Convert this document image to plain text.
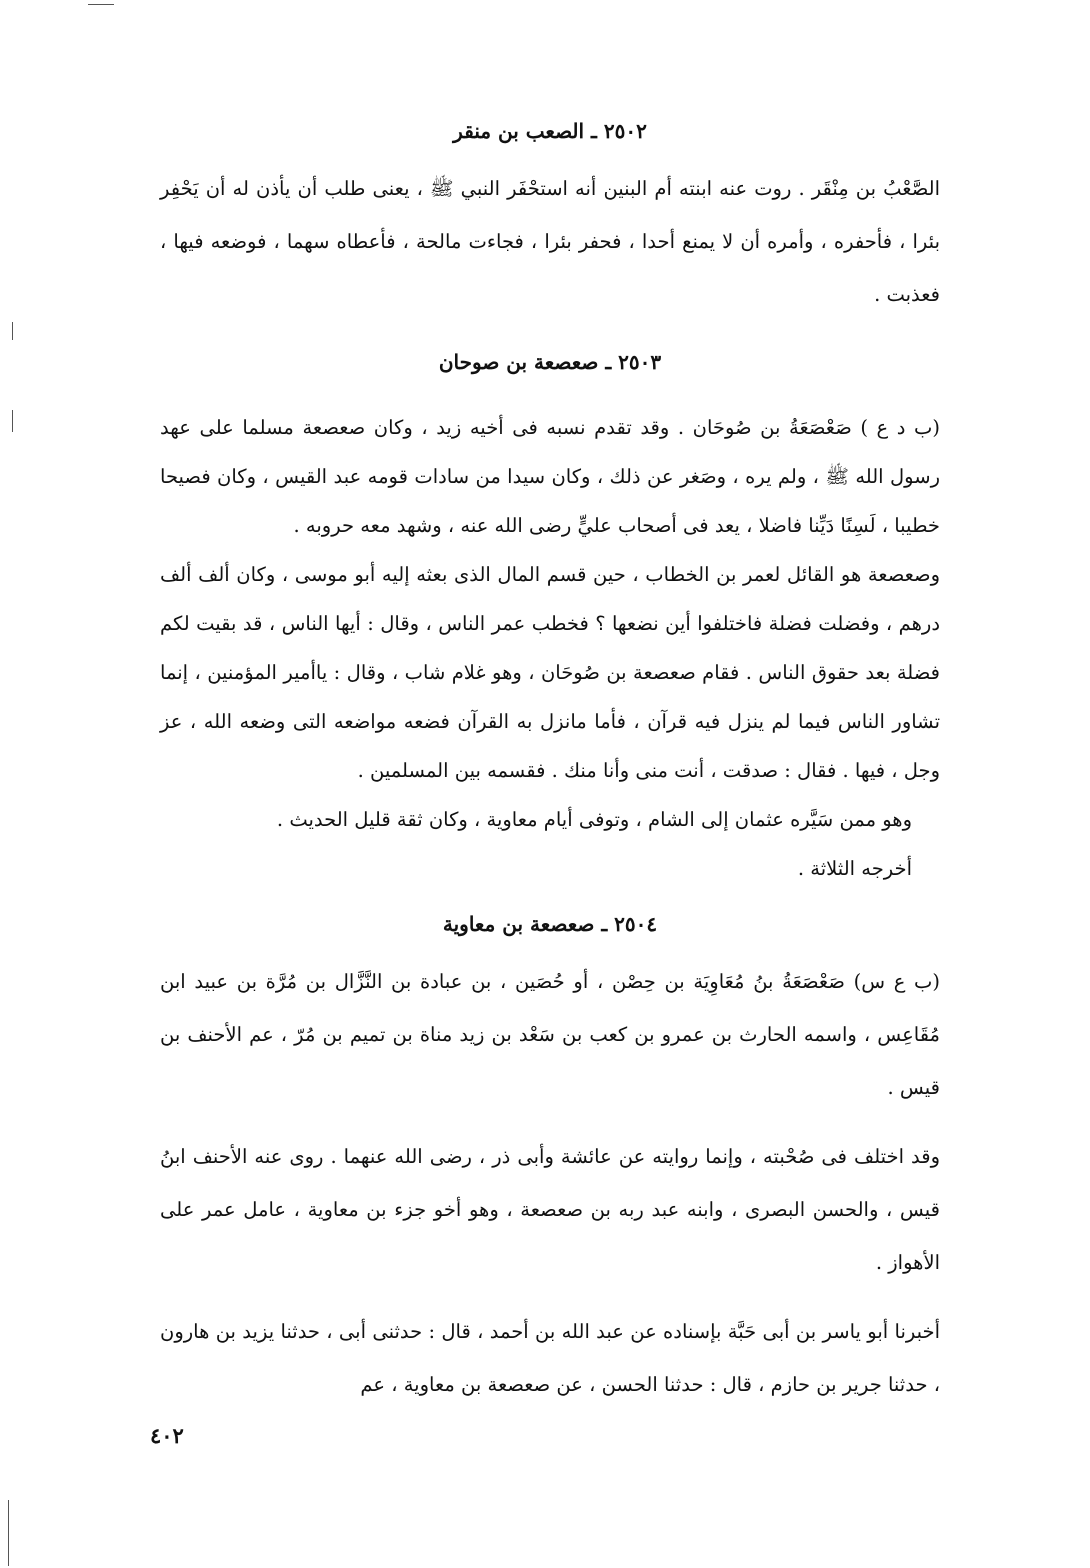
٢٥٠٢ ـ الصعب بن منقر

الصَّعْبُ بن مِنْقَر . روت عنه ابنته أم البنين أنه استحْفَر النبي ﷺ ، يعنى طلب أن يأذن له أن يَحْفِر بئرا ، فأحفره ، وأمره أن لا يمنع أحدا ، فحفر بئرا ، فجاءت مالحة ، فأعطاه سهما ، فوضعه فيها ، فعذبت .

٢٥٠٣ ـ صعصعة بن صوحان

(ب د ع ) صَعْصَعَةُ بن صُوحَان . وقد تقدم نسبه فى أخيه زيد ، وكان صعصعة مسلما على عهد رسول الله ﷺ ، ولم يره ، وصَغر عن ذلك ، وكان سيدا من سادات قومه عبد القيس ، وكان فصيحا خطيبا ، لَسِنًا دَيِّنا فاضلا ، يعد فى أصحاب عليٍّ رضى الله عنه ، وشهد معه حروبه .

وصعصعة هو القائل لعمر بن الخطاب ، حين قسم المال الذى بعثه إليه أبو موسى ، وكان ألف ألف درهم ، وفضلت فضلة فاختلفوا أين نضعها ؟ فخطب عمر الناس ، وقال : أيها الناس ، قد بقيت لكم فضلة بعد حقوق الناس . فقام صعصعة بن صُوحَان ، وهو غلام شاب ، وقال : ياأمير المؤمنين ، إنما تشاور الناس فيما لم ينزل فيه قرآن ، فأما مانزل به القرآن فضعه مواضعه التى وضعه الله ، عز وجل ، فيها . فقال : صدقت ، أنت منى وأنا منك . فقسمه بين المسلمين .

وهو ممن سَيَّره عثمان إلى الشام ، وتوفى أيام معاوية ، وكان ثقة قليل الحديث .

أخرجه الثلاثة .

٢٥٠٤ ـ صعصعة بن معاوية

(ب ع س) صَعْصَعَةُ بنُ مُعَاوِيَة بن حِصْن ، أو حُصَين ، بن عبادة بن النَّزَّال بن مُرَّة بن عبيد ابن مُقَاعِس ، واسمه الحارث بن عمرو بن كعب بن سَعْد بن زيد مناة بن تميم بن مُرّ ، عم الأحنف بن قيس .

وقد اختلف فى صُحْبته ، وإنما روايته عن عائشة وأبى ذر ، رضى الله عنهما . روى عنه الأحنف ابنُ قيس ، والحسن البصرى ، وابنه عبد ربه بن صعصعة ، وهو أخو جزء بن معاوية ، عامل عمر على الأهواز .

أخبرنا أبو ياسر بن أبى حَبَّة بإسناده عن عبد الله بن أحمد ، قال : حدثنى أبى ، حدثنا يزيد بن هارون ، حدثنا جرير بن حازم ، قال : حدثنا الحسن ، عن صعصعة بن معاوية ، عم

٤٠٢
